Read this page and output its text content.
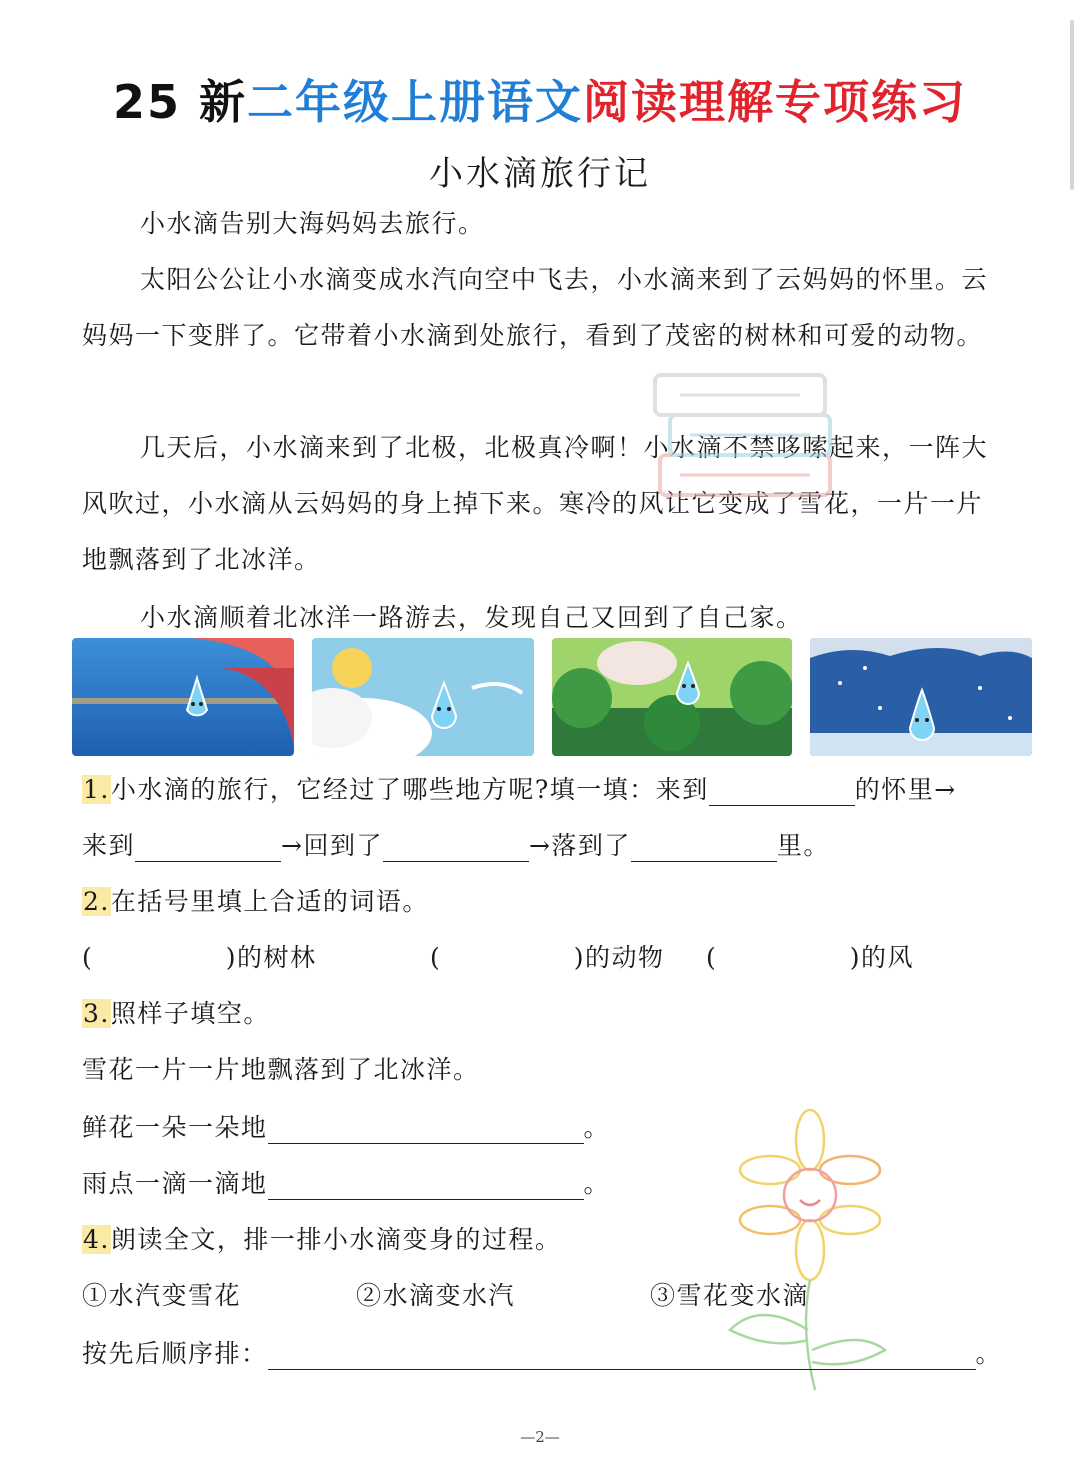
25 新二年级上册语文阅读理解专项练习
小水滴旅行记

小水滴告别大海妈妈去旅行。

太阳公公让小水滴变成水汽向空中飞去，小水滴来到了云妈妈的怀里。云妈妈一下变胖了。它带着小水滴到处旅行，看到了茂密的树林和可爱的动物。

几天后，小水滴来到了北极，北极真冷啊！小水滴不禁哆嗦起来，一阵大风吹过，小水滴从云妈妈的身上掉下来。寒冷的风让它变成了雪花，一片一片地飘落到了北冰洋。

小水滴顺着北冰洋一路游去，发现自己又回到了自己家。

1.小水滴的旅行，它经过了哪些地方呢?填一填：来到	的怀里→
来到	→回到了	→落到了	里。
2.在括号里填上合适的词语。
(　　　　　)的树林	(　　　　　)的动物 (　　　　　)的风
3.照样子填空。
雪花一片一片地飘落到了北冰洋。
鲜花一朵一朵地	。
雨点一滴一滴地	。
4.朗读全文，排一排小水滴变身的过程。
①水汽变雪花	②水滴变水汽	③雪花变水滴
按先后顺序排：	。
—2—
